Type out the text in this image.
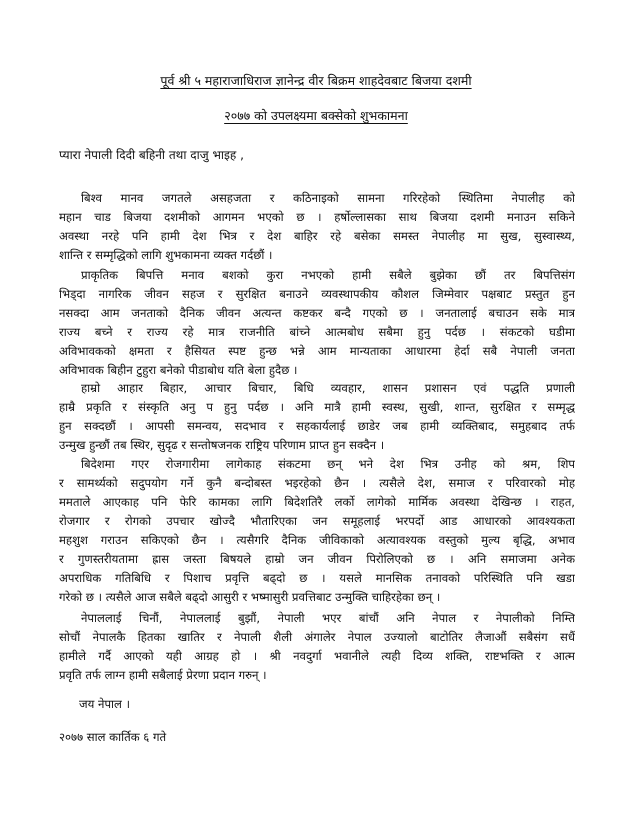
पूर्व श्री ५ महाराजाधिराज ज्ञानेन्द्र वीर बिक्रम शाहदेवबाट बिजया दशमी
२०७७ को उपलक्ष्यमा बक्सेको शुभकामना
प्यारा नेपाली दिदी बहिनी तथा दाजु भाइह ,
बिश्व मानव जगतले असहजता र कठिनाइको सामना गरिरहेको स्थितिमा नेपालीह को
महान चाड बिजया दशमीको आगमन भएको छ । हर्षोल्लासका साथ बिजया दशमी मनाउन सकिने
अवस्था नरहे पनि हामी देश भित्र र देश बाहिर रहे बसेका समस्त नेपालीह मा सुख, सुस्वास्थ्य,
शान्ति र सम्मृद्धिको लागि शुभकामना व्यक्त गर्दछौं ।
प्राकृतिक बिपत्ति मनाव बशको कुरा नभएको हामी सबैले बुझेका छौं तर बिपत्तिसंग
भिड्दा नागरिक जीवन सहज र सुरक्षित बनाउने व्यवस्थापकीय कौशल जिम्मेवार पक्षबाट प्रस्तुत हुन
नसक्दा आम जनताको दैनिक जीवन अत्यन्त कष्टकर बन्दै गएको छ । जनतालाई बचाउन सके मात्र
राज्य बच्ने र राज्य रहे मात्र राजनीति बांच्ने आत्मबोध सबैमा हुनु पर्दछ । संकटको घडीमा
अविभावकको क्षमता र हैसियत स्पष्ट हुन्छ भन्ने आम मान्यताका आधारमा हेर्दा सबै नेपाली जनता
अविभावक बिहीन टुहुरा बनेको पीडाबोध यति बेला हुदैछ ।
हाम्रो आहार बिहार, आचार बिचार, बिधि व्यवहार, शासन प्रशासन एवं पद्धति प्रणाली
हाम्रै प्रकृति र संस्कृति अनु प हुनु पर्दछ । अनि मात्रै हामी स्वस्थ, सुखी, शान्त, सुरक्षित र सम्मृद्ध
हुन सक्दछौं । आपसी समन्वय, सदभाव र सहकार्यलाई छाडेर जब हामी व्यक्तिबाद, समुहबाद तर्फ
उन्मुख हुन्छौं तब स्थिर, सुदृढ र सन्तोषजनक राष्ट्रिय परिणाम प्राप्त हुन सक्दैन ।
बिदेशमा गएर रोजगारीमा लागेकाह संकटमा छन् भने देश भित्र उनीह को श्रम, शिप
र सामर्थ्यको सदुपयोग गर्ने कुनै बन्दोबस्त भइरहेको छैन । त्यसैले देश, समाज र परिवारको मोह
ममतालेे आएकाह पनि फेरि कामका लागि बिदेशतिरै लर्को लागेको मार्मिक अवस्था देखिन्छ । राहत,
रोजगार र रोगको उपचार खोज्दै भौतारिएका जन समूहलाई भरपर्दो आड आधारको आवश्यकता
महशुश गराउन सकिएको छैन । त्यसैगरि दैनिक जीविकाको अत्यावश्यक वस्तुको मुल्य बृद्धि, अभाव
र गुणस्तरीयतामा ह्रास जस्ता बिषयले हाम्रो जन जीवन पिरोलिएको छ । अनि समाजमा अनेक
अपराधिक गतिबिधि र पिशाच प्रवृत्ति बढ्दो छ । यसले मानसिक तनावको परिस्थिति पनि खडा
गरेको छ । त्यसैले आज सबैले बढ्दो आसुरी र भष्मासुरी प्रवत्तिबाट उन्मुक्ति चाहिरहेका छन् ।
नेपाललाई चिनौं, नेपाललाई बुझौं, नेपाली भएर बांचौं अनि नेपाल र नेपालीको निम्ति
सोचौं नेपालकै हितका खातिर र नेपाली शैली अंगालेर नेपाल उज्यालो बाटोतिर लैजाऔं सबैसंग सधैं
हामीले गर्दै आएको यही आग्रह हो । श्री नवदुर्गा भवानीले त्यही दिव्य शक्ति, राष्टभक्ति र आत्म
प्रवृति तर्फ लाग्न हामी सबैलाई प्रेरणा प्रदान गरुन् ।
जय नेपाल ।
२०७७ साल कार्तिक ६ गते
